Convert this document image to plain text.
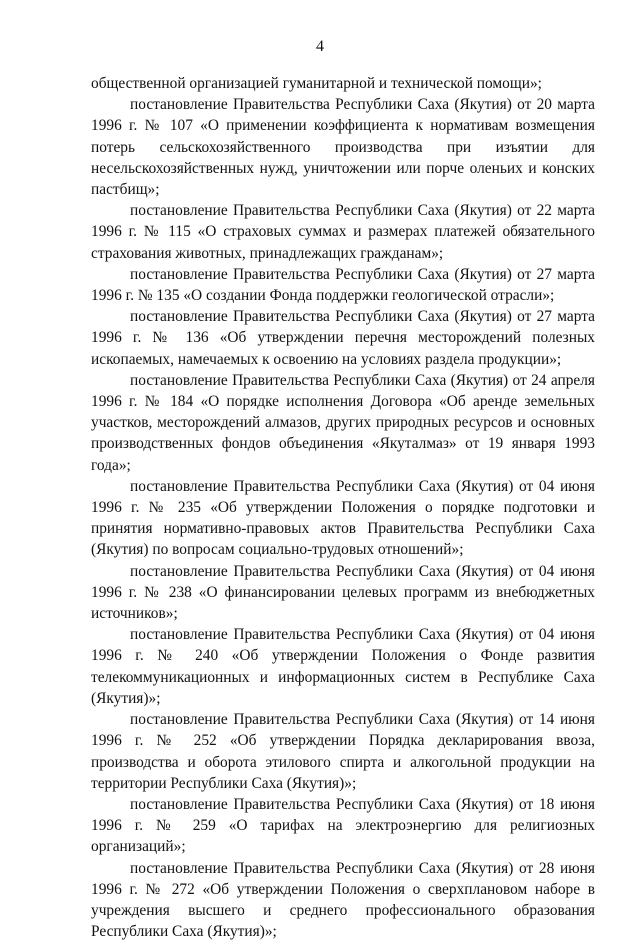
4

общественной организацией гуманитарной и технической помощи»;

постановление Правительства Республики Саха (Якутия) от 20 марта 1996 г. № 107 «О применении коэффициента к нормативам возмещения потерь сельскохозяйственного производства при изъятии для несельскохозяйственных нужд, уничтожении или порче оленьих и конских пастбищ»;

постановление Правительства Республики Саха (Якутия) от 22 марта 1996 г. № 115 «О страховых суммах и размерах платежей обязательного страхования животных, принадлежащих гражданам»;

постановление Правительства Республики Саха (Якутия) от 27 марта 1996 г. № 135 «О создании Фонда поддержки геологической отрасли»;

постановление Правительства Республики Саха (Якутия) от 27 марта 1996 г. № 136 «Об утверждении перечня месторождений полезных ископаемых, намечаемых к освоению на условиях раздела продукции»;

постановление Правительства Республики Саха (Якутия) от 24 апреля 1996 г. № 184 «О порядке исполнения Договора «Об аренде земельных участков, месторождений алмазов, других природных ресурсов и основных производственных фондов объединения «Якуталмаз» от 19 января 1993 года»;

постановление Правительства Республики Саха (Якутия) от 04 июня 1996 г. № 235 «Об утверждении Положения о порядке подготовки и принятия нормативно-правовых актов Правительства Республики Саха (Якутия) по вопросам социально-трудовых отношений»;

постановление Правительства Республики Саха (Якутия) от 04 июня 1996 г. № 238 «О финансировании целевых программ из внебюджетных источников»;

постановление Правительства Республики Саха (Якутия) от 04 июня 1996 г. № 240 «Об утверждении Положения о Фонде развития телекоммуникационных и информационных систем в Республике Саха (Якутия)»;

постановление Правительства Республики Саха (Якутия) от 14 июня 1996 г. № 252 «Об утверждении Порядка декларирования ввоза, производства и оборота этилового спирта и алкогольной продукции на территории Республики Саха (Якутия)»;

постановление Правительства Республики Саха (Якутия) от 18 июня 1996 г. № 259 «О тарифах на электроэнергию для религиозных организаций»;

постановление Правительства Республики Саха (Якутия) от 28 июня 1996 г. № 272 «Об утверждении Положения о сверхплановом наборе в учреждения высшего и среднего профессионального образования Республики Саха (Якутия)»;
